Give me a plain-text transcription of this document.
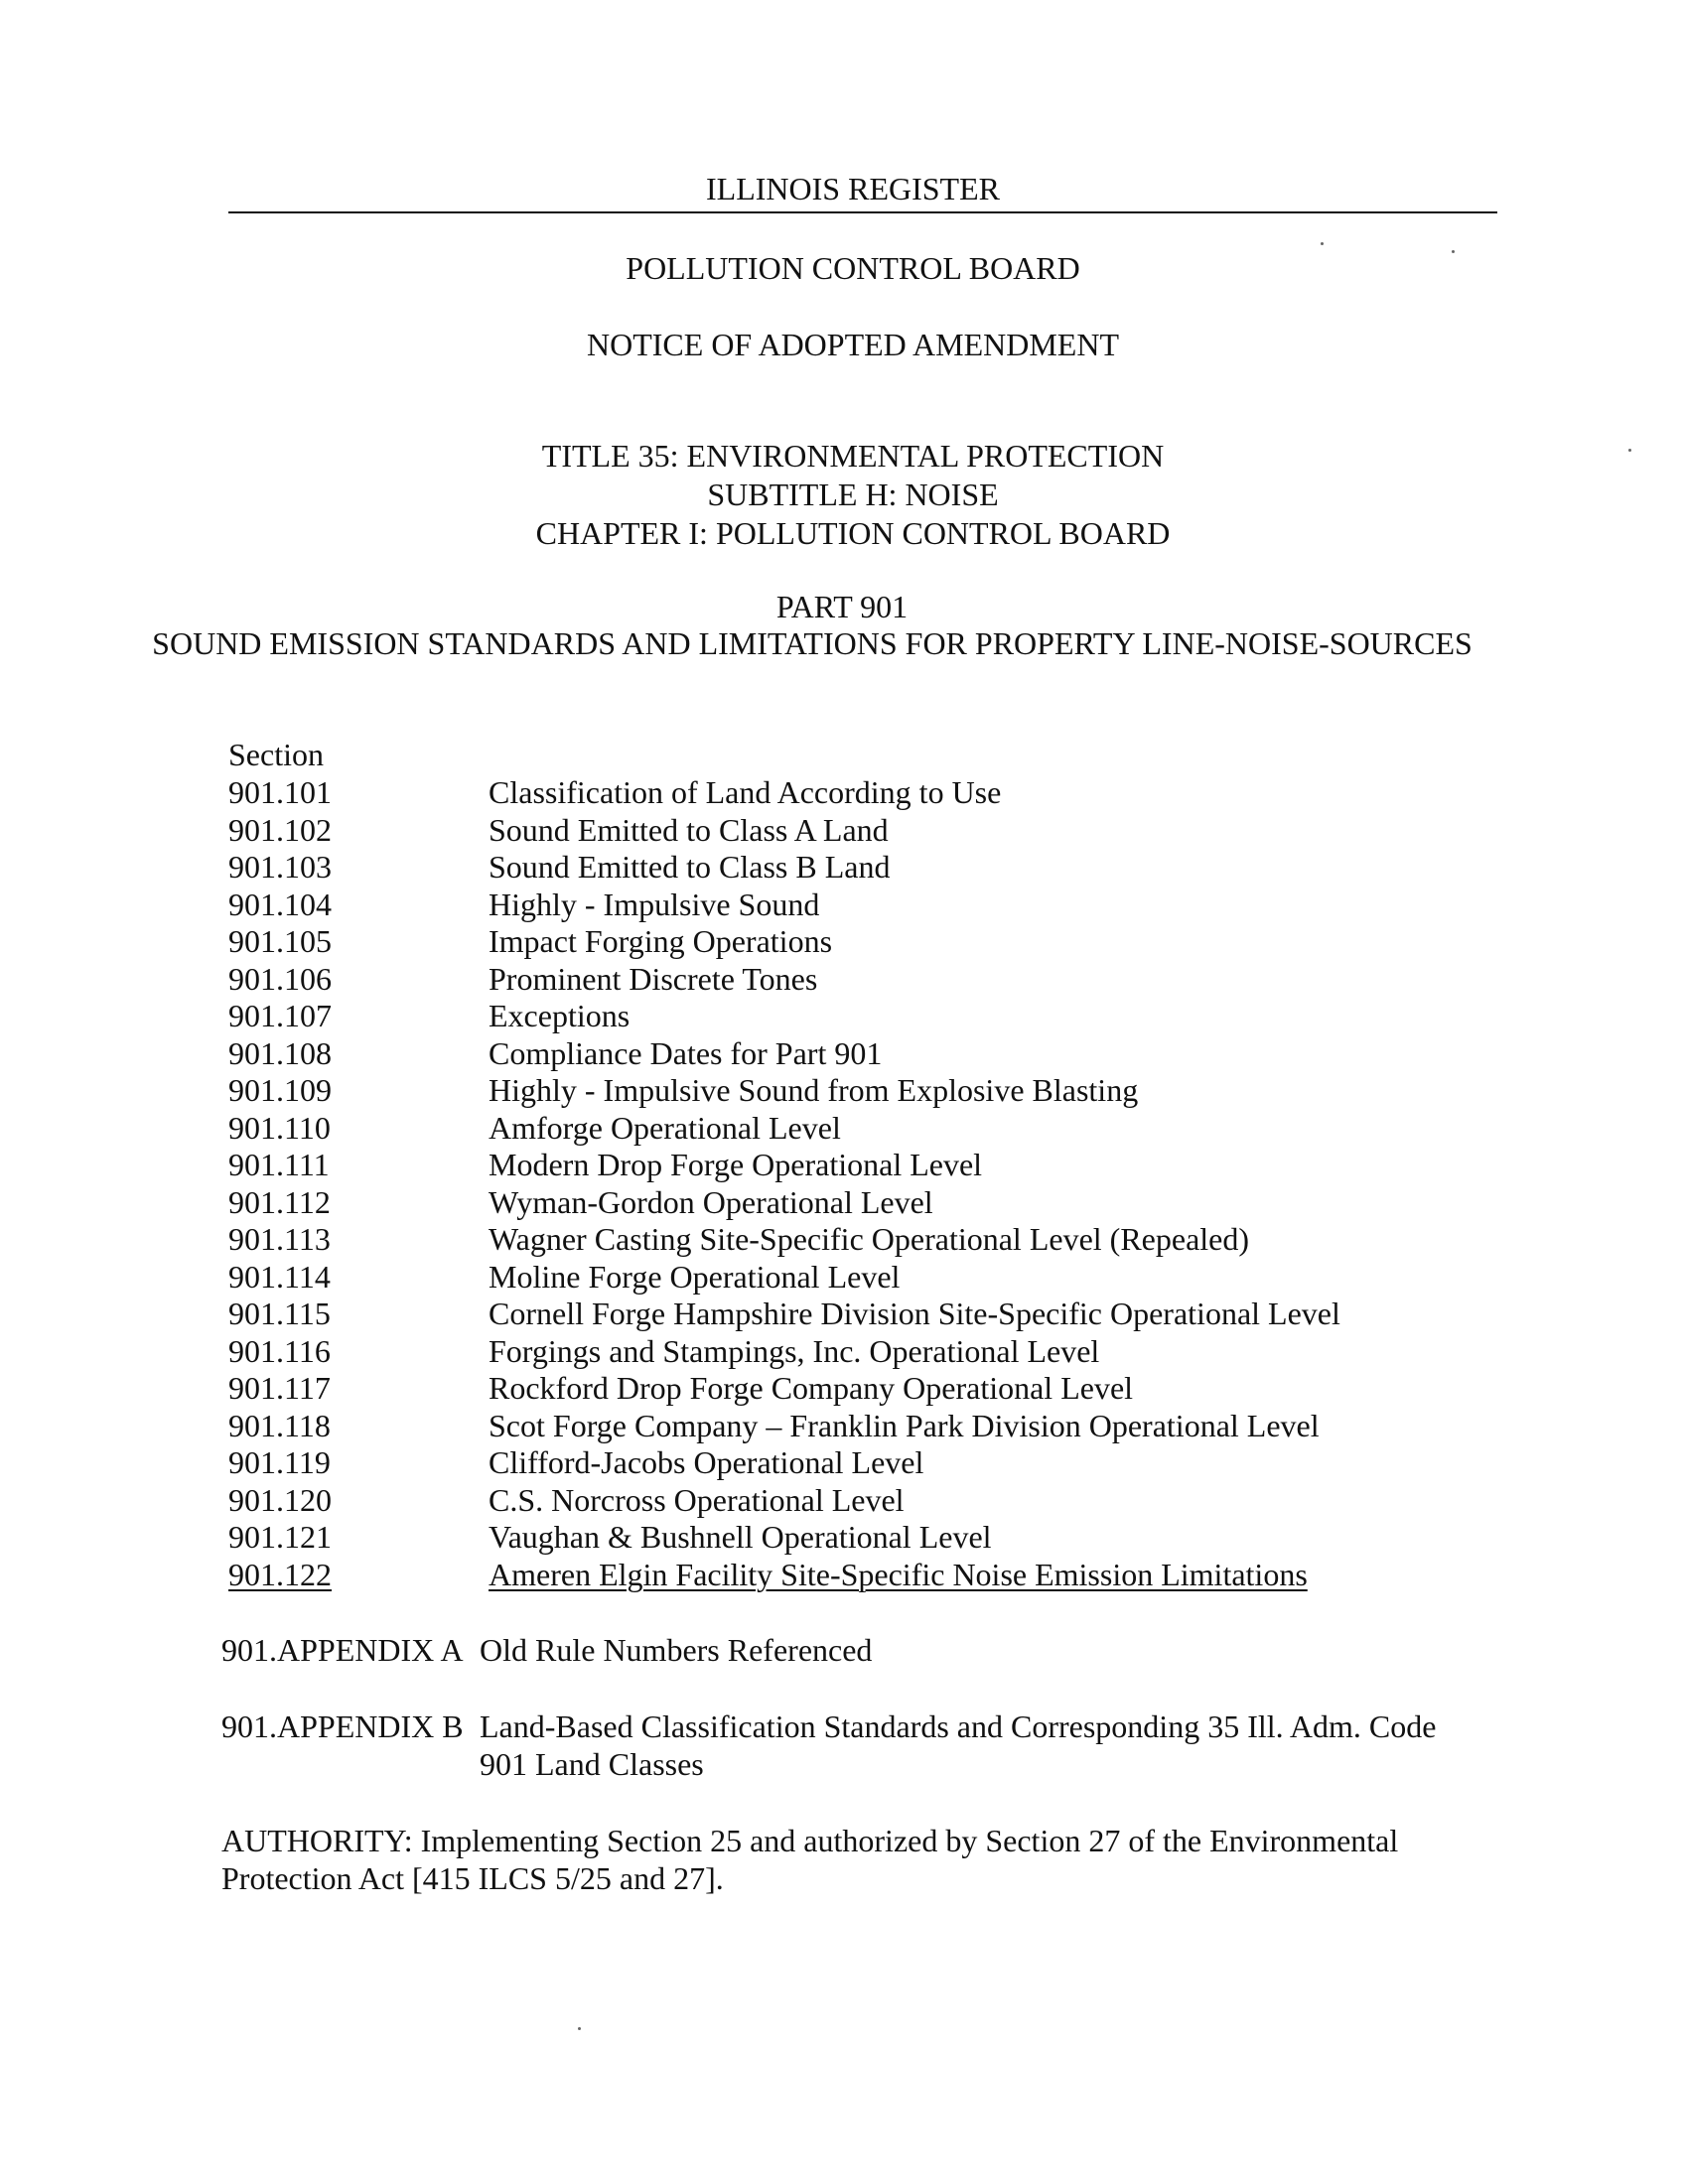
ILLINOIS REGISTER
POLLUTION CONTROL BOARD
NOTICE OF ADOPTED AMENDMENT
TITLE 35: ENVIRONMENTAL PROTECTION
SUBTITLE H: NOISE
CHAPTER I: POLLUTION CONTROL BOARD
PART 901
SOUND EMISSION STANDARDS AND LIMITATIONS FOR PROPERTY LINE-NOISE-SOURCES
Section
901.101	Classification of Land According to Use
901.102	Sound Emitted to Class A Land
901.103	Sound Emitted to Class B Land
901.104	Highly - Impulsive Sound
901.105	Impact Forging Operations
901.106	Prominent Discrete Tones
901.107	Exceptions
901.108	Compliance Dates for Part 901
901.109	Highly - Impulsive Sound from Explosive Blasting
901.110	Amforge Operational Level
901.111	Modern Drop Forge Operational Level
901.112	Wyman-Gordon Operational Level
901.113	Wagner Casting Site-Specific Operational Level (Repealed)
901.114	Moline Forge Operational Level
901.115	Cornell Forge Hampshire Division Site-Specific Operational Level
901.116	Forgings and Stampings, Inc. Operational Level
901.117	Rockford Drop Forge Company Operational Level
901.118	Scot Forge Company – Franklin Park Division Operational Level
901.119	Clifford-Jacobs Operational Level
901.120	C.S. Norcross Operational Level
901.121	Vaughan & Bushnell Operational Level
901.122	Ameren Elgin Facility Site-Specific Noise Emission Limitations
901.APPENDIX A Old Rule Numbers Referenced
901.APPENDIX B Land-Based Classification Standards and Corresponding 35 Ill. Adm. Code 901 Land Classes
AUTHORITY: Implementing Section 25 and authorized by Section 27 of the Environmental Protection Act [415 ILCS 5/25 and 27].
